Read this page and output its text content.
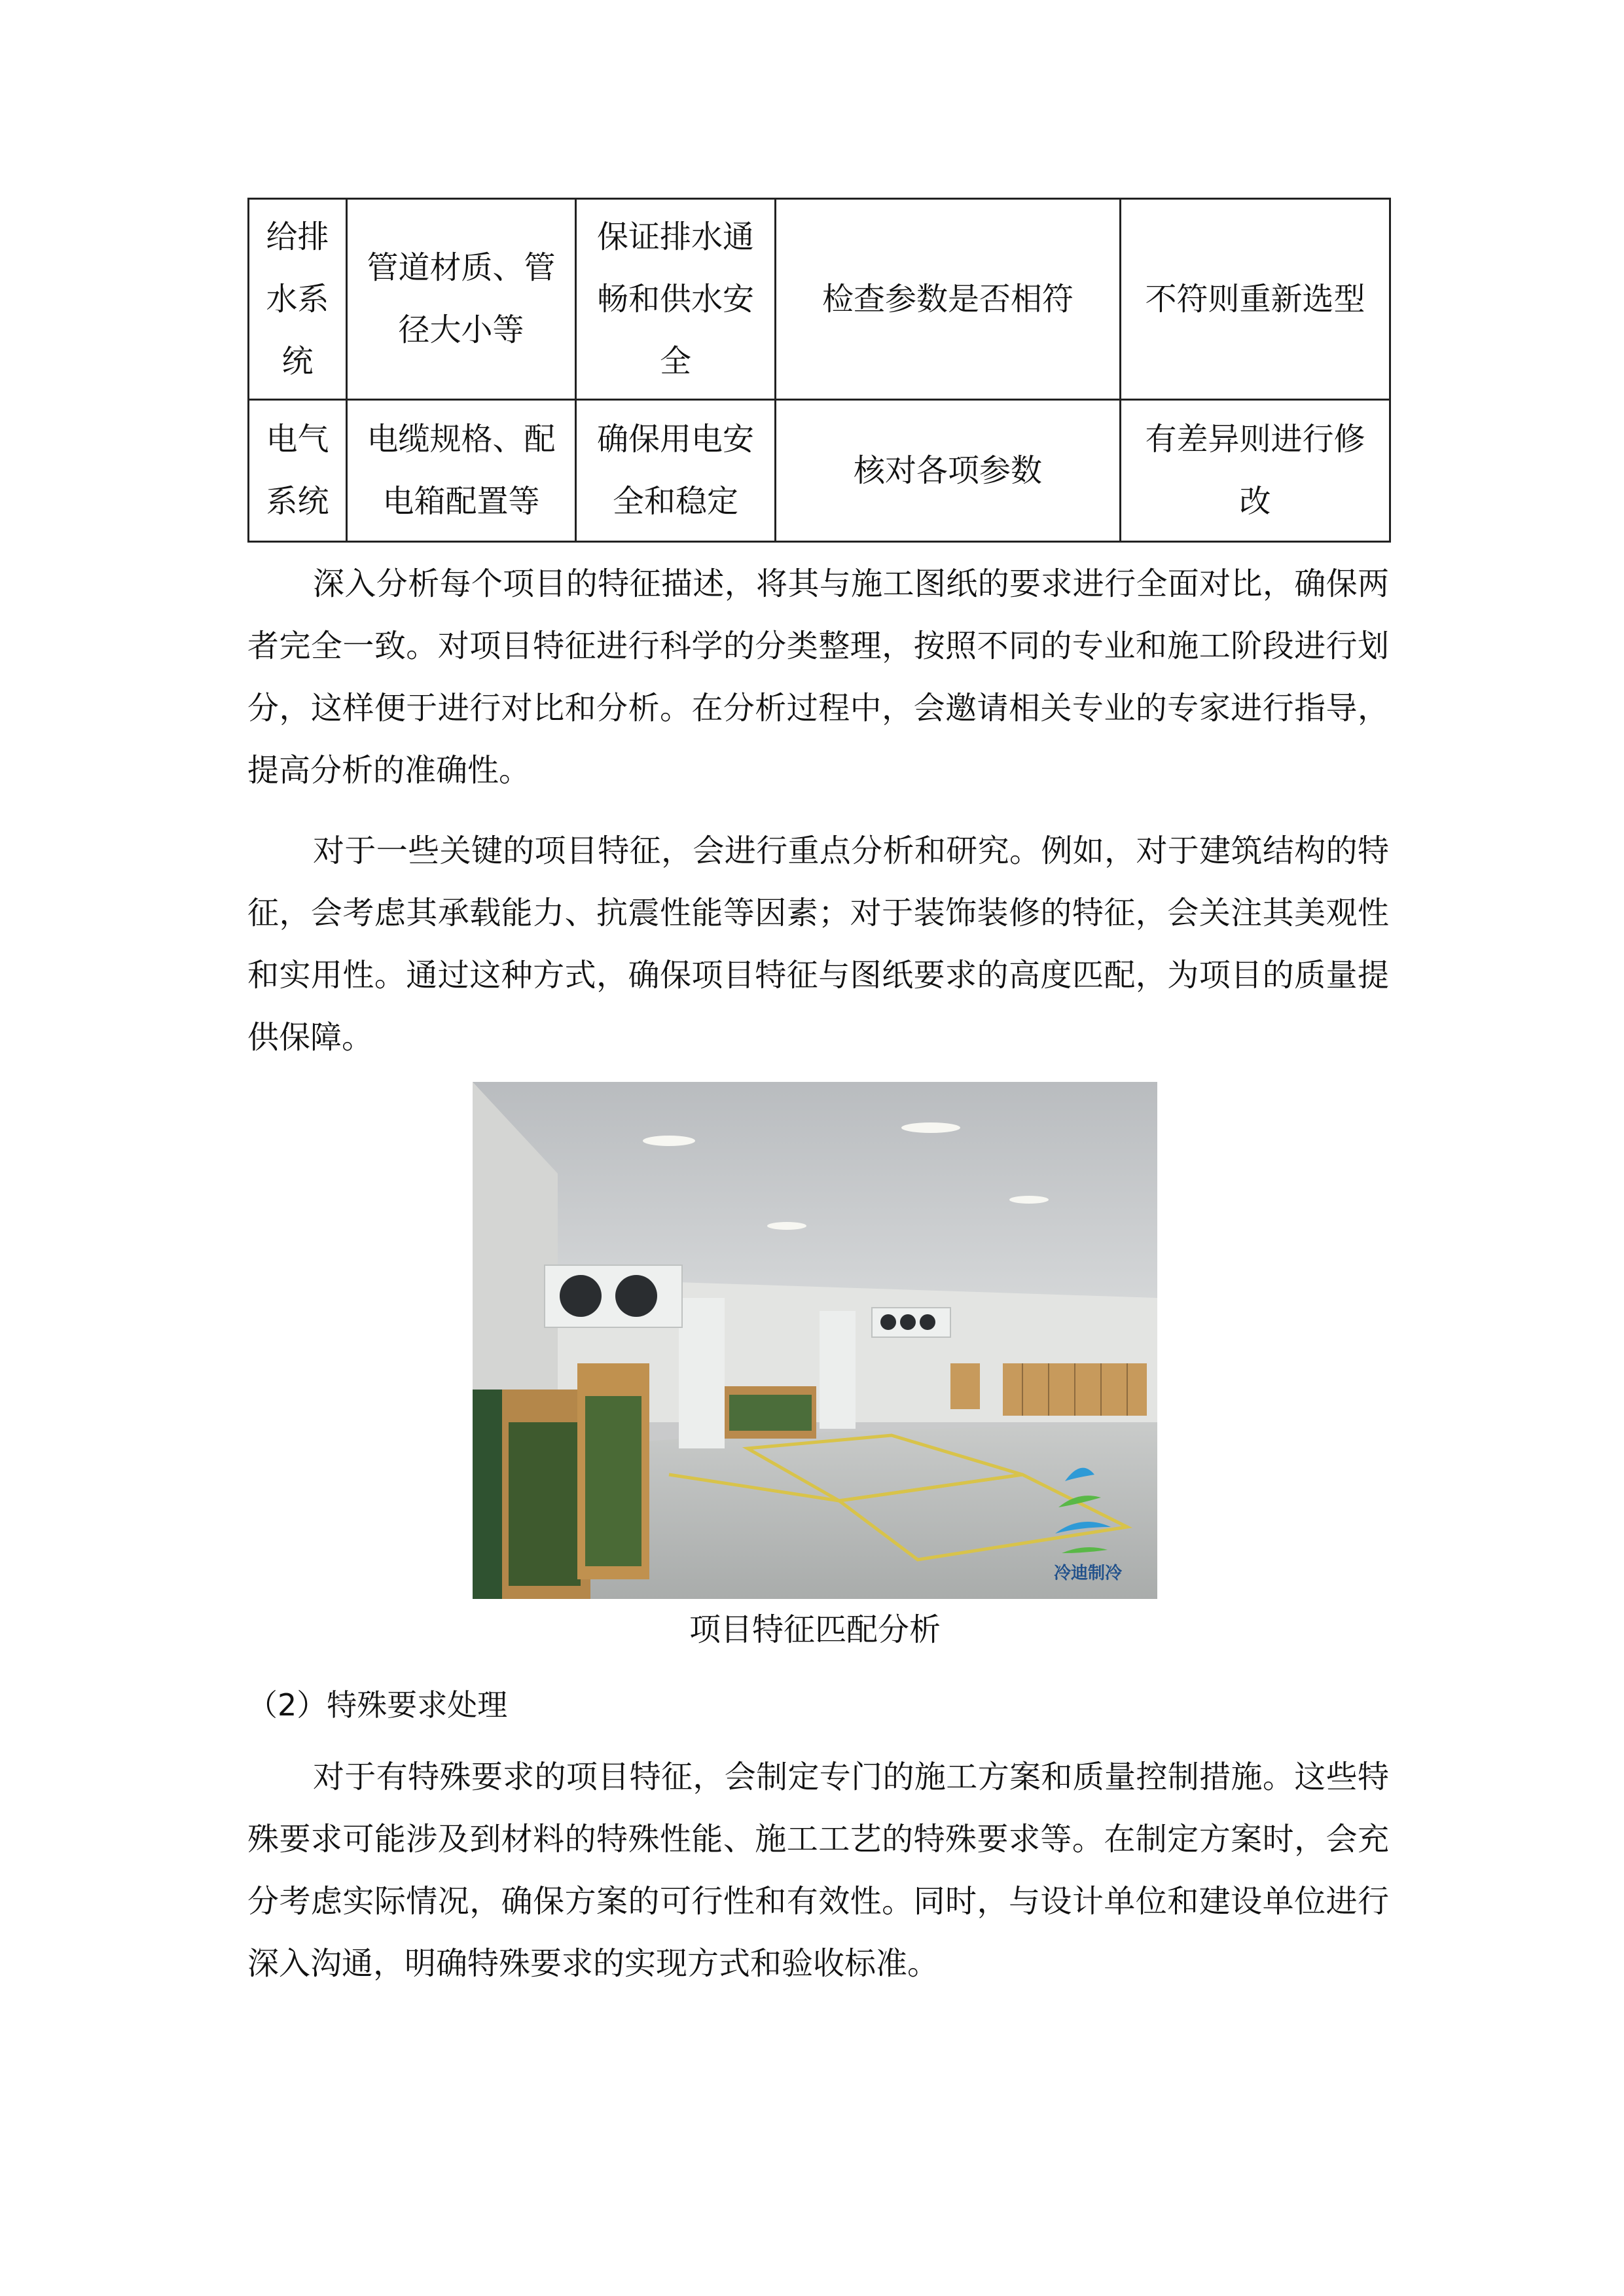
给排水系统	管道材质、管径大小等	保证排水通畅和供水安全	检查参数是否相符	不符则重新选型
电气系统	电缆规格、配电箱配置等	确保用电安全和稳定	核对各项参数	有差异则进行修改

深入分析每个项目的特征描述，将其与施工图纸的要求进行全面对比，确保两者完全一致。对项目特征进行科学的分类整理，按照不同的专业和施工阶段进行划分，这样便于进行对比和分析。在分析过程中，会邀请相关专业的专家进行指导，提高分析的准确性。

对于一些关键的项目特征，会进行重点分析和研究。例如，对于建筑结构的特征，会考虑其承载能力、抗震性能等因素；对于装饰装修的特征，会关注其美观性和实用性。通过这种方式，确保项目特征与图纸要求的高度匹配，为项目的质量提供保障。

冷迪制冷
项目特征匹配分析
（2）特殊要求处理

对于有特殊要求的项目特征，会制定专门的施工方案和质量控制措施。这些特殊要求可能涉及到材料的特殊性能、施工工艺的特殊要求等。在制定方案时，会充分考虑实际情况，确保方案的可行性和有效性。同时，与设计单位和建设单位进行深入沟通，明确特殊要求的实现方式和验收标准。
